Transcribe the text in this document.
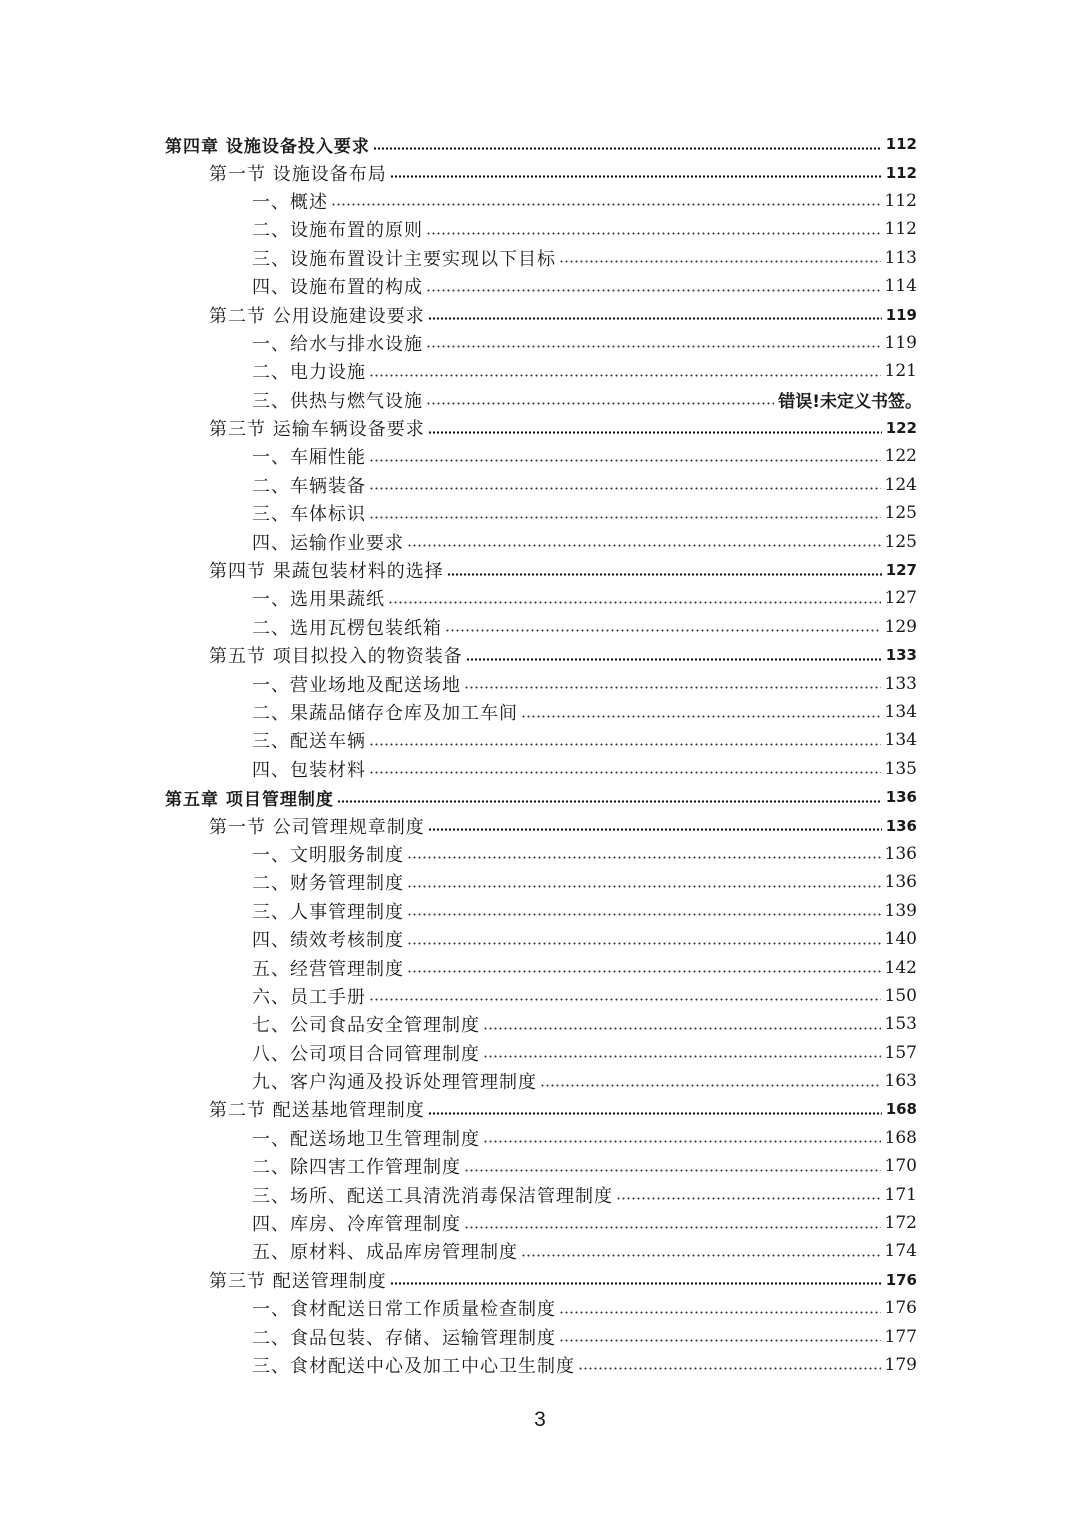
第四章 设施设备投入要求	112
第一节 设施设备布局	112
一、概述	112
二、设施布置的原则	112
三、设施布置设计主要实现以下目标	113
四、设施布置的构成	114
第二节 公用设施建设要求	119
一、给水与排水设施	119
二、电力设施	121
三、供热与燃气设施	错误!未定义书签。
第三节 运输车辆设备要求	122
一、车厢性能	122
二、车辆装备	124
三、车体标识	125
四、运输作业要求	125
第四节 果蔬包装材料的选择	127
一、选用果蔬纸	127
二、选用瓦楞包装纸箱	129
第五节 项目拟投入的物资装备	133
一、营业场地及配送场地	133
二、果蔬品储存仓库及加工车间	134
三、配送车辆	134
四、包装材料	135
第五章 项目管理制度	136
第一节 公司管理规章制度	136
一、文明服务制度	136
二、财务管理制度	136
三、人事管理制度	139
四、绩效考核制度	140
五、经营管理制度	142
六、员工手册	150
七、公司食品安全管理制度	153
八、公司项目合同管理制度	157
九、客户沟通及投诉处理管理制度	163
第二节 配送基地管理制度	168
一、配送场地卫生管理制度	168
二、除四害工作管理制度	170
三、场所、配送工具清洗消毒保洁管理制度	171
四、库房、冷库管理制度	172
五、原材料、成品库房管理制度	174
第三节 配送管理制度	176
一、食材配送日常工作质量检查制度	176
二、食品包装、存储、运输管理制度	177
三、食材配送中心及加工中心卫生制度	179
3
